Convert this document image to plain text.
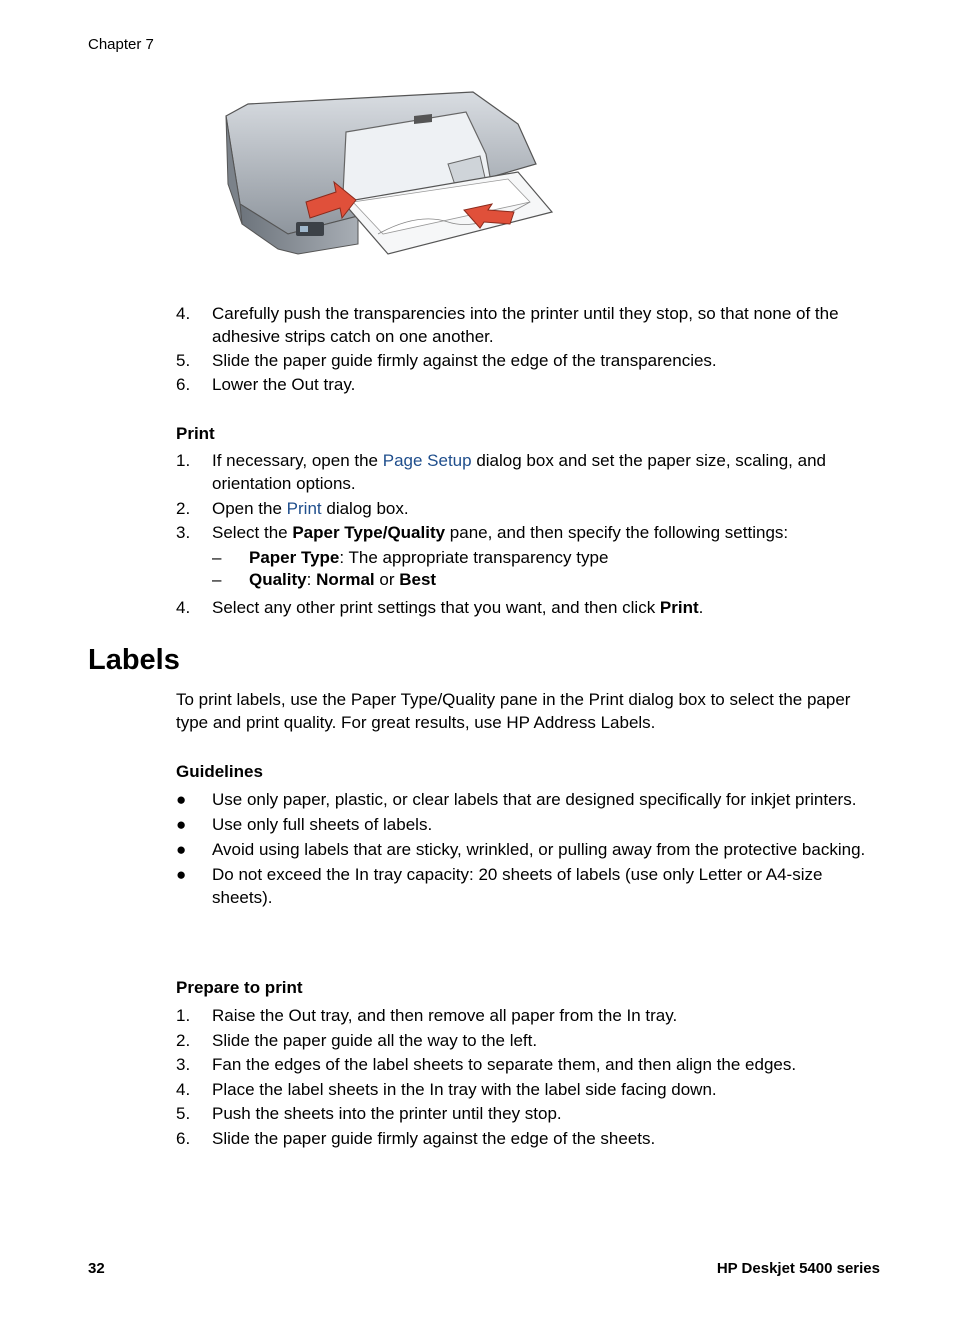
Chapter 7
4. Carefully push the transparencies into the printer until they stop, so that none of the adhesive strips catch on one another.
5. Slide the paper guide firmly against the edge of the transparencies.
6. Lower the Out tray.
Print
1. If necessary, open the Page Setup dialog box and set the paper size, scaling, and orientation options.
2. Open the Print dialog box.
3. Select the Paper Type/Quality pane, and then specify the following settings:
– Paper Type: The appropriate transparency type
– Quality: Normal or Best
4. Select any other print settings that you want, and then click Print.
Labels
To print labels, use the Paper Type/Quality pane in the Print dialog box to select the paper type and print quality. For great results, use HP Address Labels.
Guidelines
● Use only paper, plastic, or clear labels that are designed specifically for inkjet printers.
● Use only full sheets of labels.
● Avoid using labels that are sticky, wrinkled, or pulling away from the protective backing.
● Do not exceed the In tray capacity: 20 sheets of labels (use only Letter or A4-size sheets).
Prepare to print
1. Raise the Out tray, and then remove all paper from the In tray.
2. Slide the paper guide all the way to the left.
3. Fan the edges of the label sheets to separate them, and then align the edges.
4. Place the label sheets in the In tray with the label side facing down.
5. Push the sheets into the printer until they stop.
6. Slide the paper guide firmly against the edge of the sheets.
32	HP Deskjet 5400 series
